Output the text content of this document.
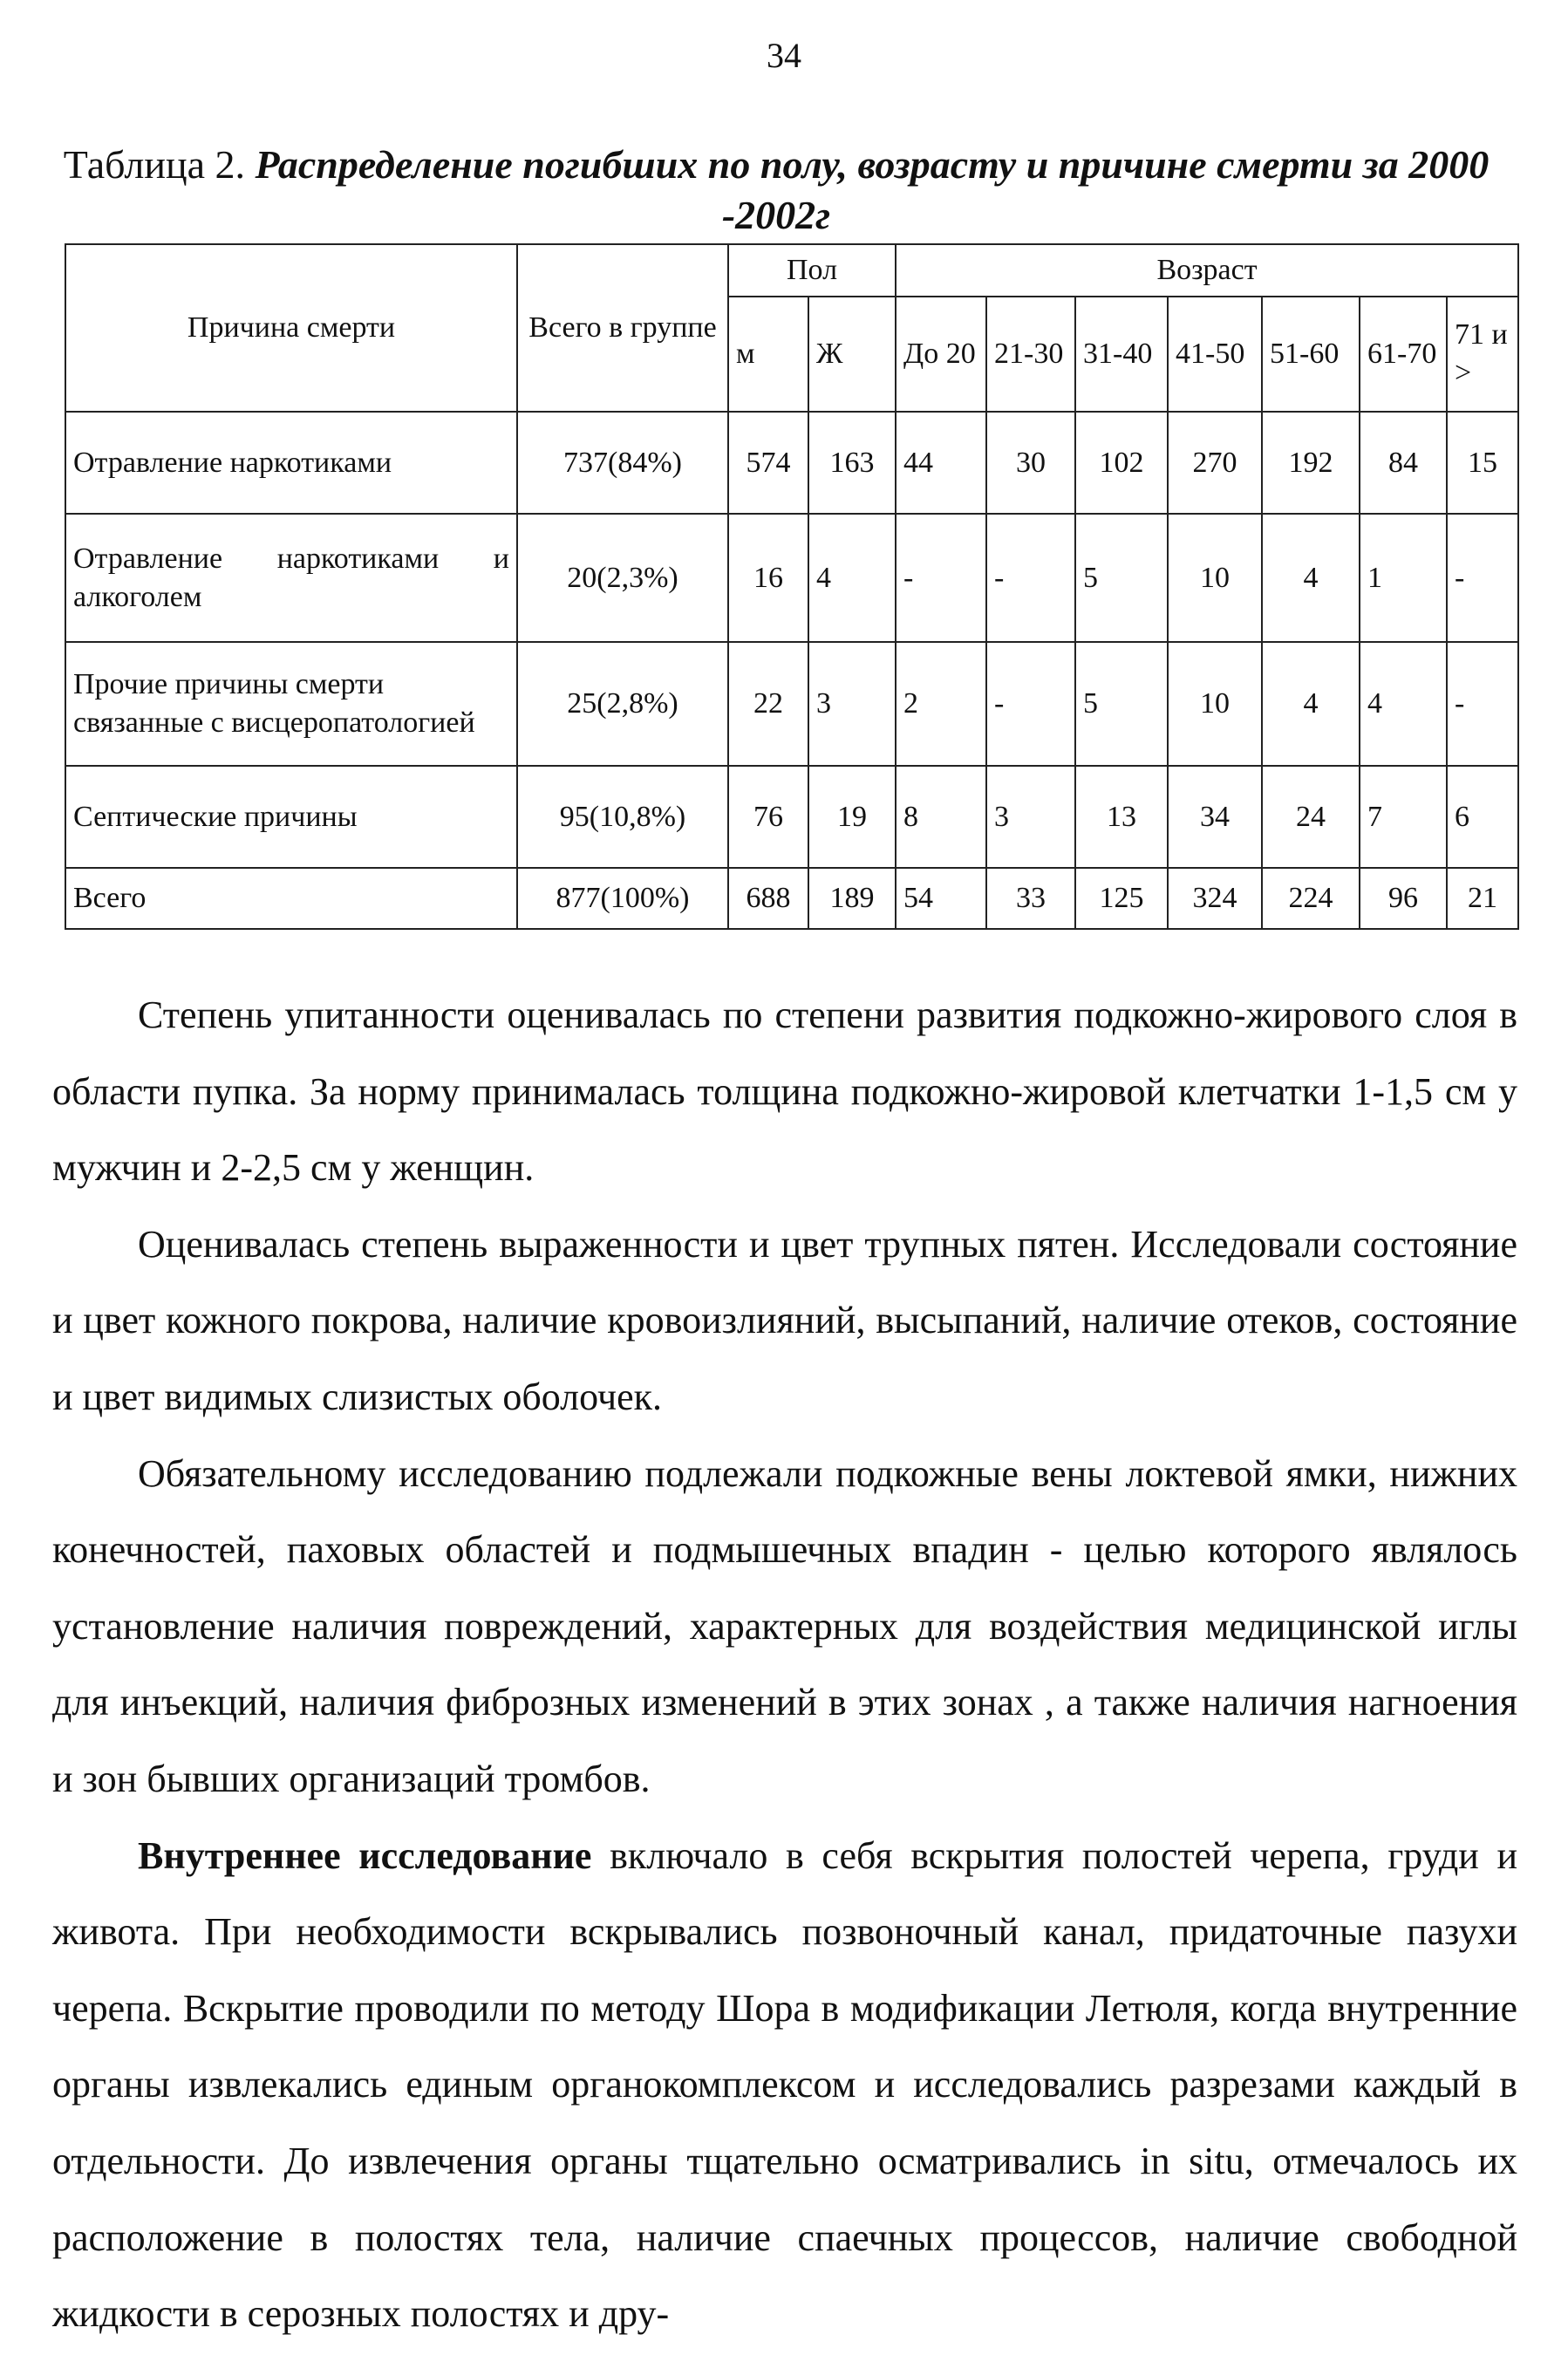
34
Таблица 2. Распределение погибших по полу, возрасту и причине смерти за 2000 -2002г
Причина смерти	Всего в группе	Пол		Возраст						
		м	Ж	До 20	21-30	31-40	41-50	51-60	61-70	71 и >
Отравление наркотиками	737(84%)	574	163	44	30	102	270	192	84	15
Отравление наркотиками и алкоголем	20(2,3%)	16	4	-	-	5	10	4	1	-
Прочие причины смерти связанные с висцеропатологией	25(2,8%)	22	3	2	-	5	10	4	4	-
Септические причины	95(10,8%)	76	19	8	3	13	34	24	7	6
Всего	877(100%)	688	189	54	33	125	324	224	96	21

Степень упитанности оценивалась по степени развития подкожно-жирового слоя в области пупка. За норму принималась толщина подкожно-жировой клетчатки 1-1,5 см у мужчин и 2-2,5 см у женщин.

Оценивалась степень выраженности и цвет трупных пятен. Исследовали состояние и цвет кожного покрова, наличие кровоизлияний, высыпаний, наличие отеков, состояние и цвет видимых слизистых оболочек.

Обязательному исследованию подлежали подкожные вены локтевой ямки, нижних конечностей, паховых областей и подмышечных впадин - целью которого являлось установление наличия повреждений, характерных для воздействия медицинской иглы для инъекций, наличия фиброзных изменений в этих зонах , а также наличия нагноения и зон бывших организаций тромбов.

Внутреннее исследование включало в себя вскрытия полостей черепа, груди и живота. При необходимости вскрывались позвоночный канал, придаточные пазухи черепа. Вскрытие проводили по методу Шора в модификации Летюля, когда внутренние органы извлекались единым органокомплексом и исследовались разрезами каждый в отдельности. До извлечения органы тщательно осматривались in situ, отмечалось их расположение в полостях тела, наличие спаечных процессов, наличие свободной жидкости в серозных полостях и дру-
